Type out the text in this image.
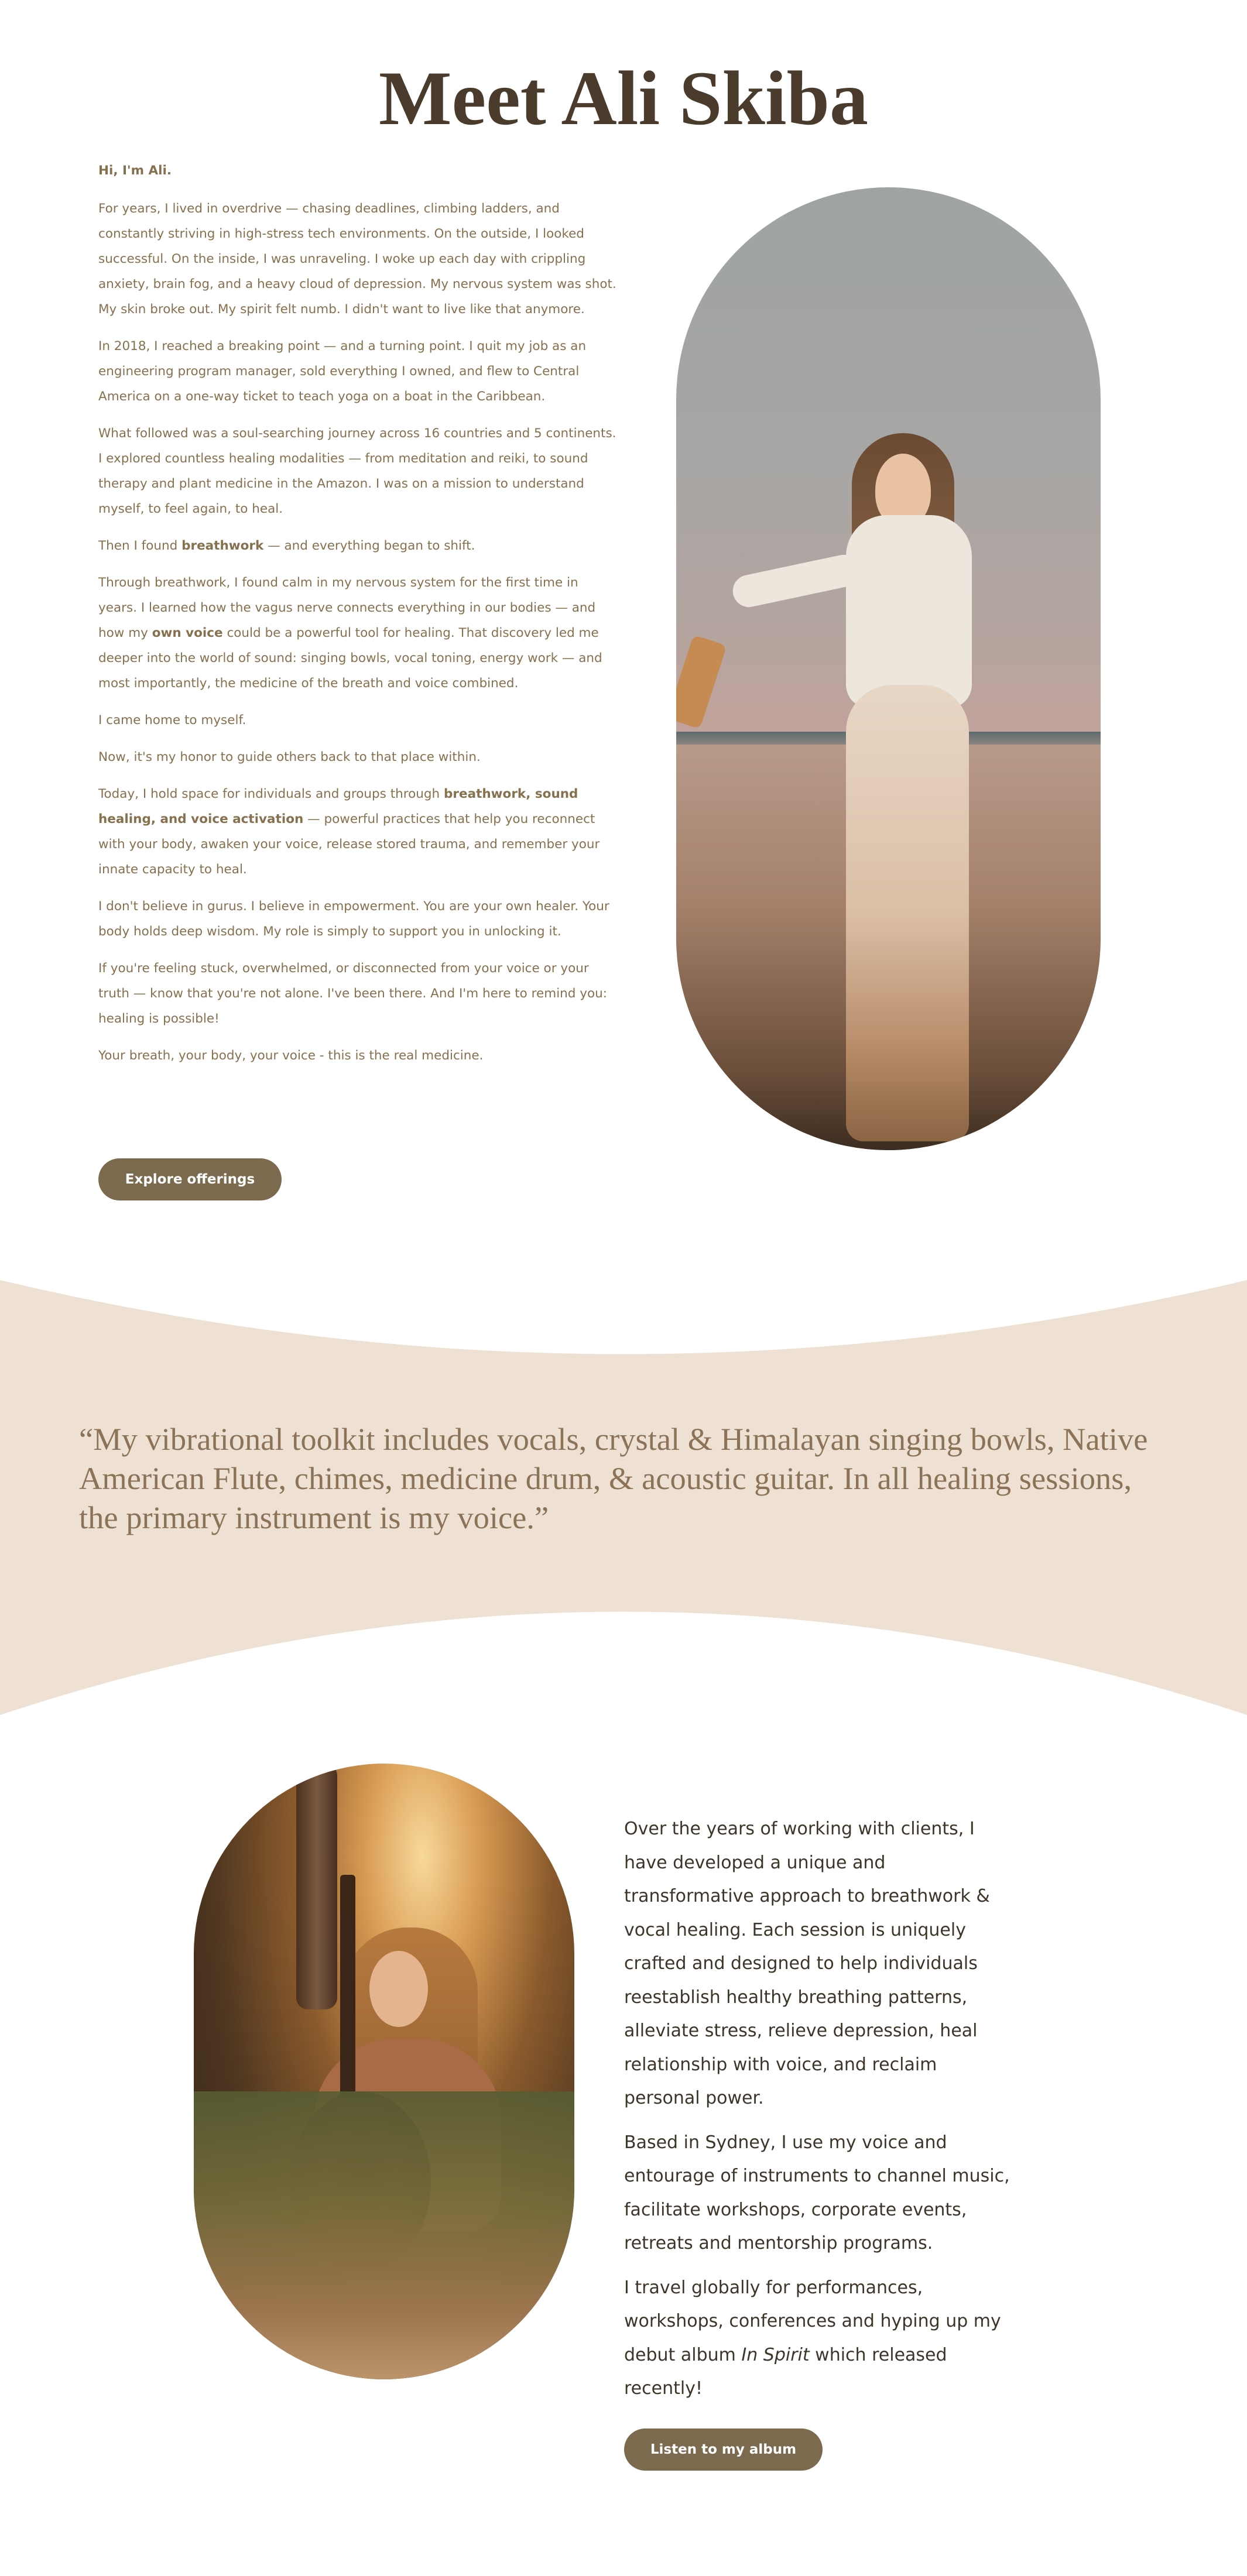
Meet Ali Skiba

Hi, I'm Ali.

For years, I lived in overdrive — chasing deadlines, climbing ladders, and constantly striving in high-stress tech environments. On the outside, I looked successful. On the inside, I was unraveling. I woke up each day with crippling anxiety, brain fog, and a heavy cloud of depression. My nervous system was shot. My skin broke out. My spirit felt numb. I didn't want to live like that anymore.

In 2018, I reached a breaking point — and a turning point. I quit my job as an engineering program manager, sold everything I owned, and flew to Central America on a one-way ticket to teach yoga on a boat in the Caribbean.

What followed was a soul-searching journey across 16 countries and 5 continents. I explored countless healing modalities — from meditation and reiki, to sound therapy and plant medicine in the Amazon. I was on a mission to understand myself, to feel again, to heal.

Then I found breathwork — and everything began to shift.

Through breathwork, I found calm in my nervous system for the first time in years. I learned how the vagus nerve connects everything in our bodies — and how my own voice could be a powerful tool for healing. That discovery led me deeper into the world of sound: singing bowls, vocal toning, energy work — and most importantly, the medicine of the breath and voice combined.

I came home to myself.

Now, it's my honor to guide others back to that place within.

Today, I hold space for individuals and groups through breathwork, sound healing, and voice activation — powerful practices that help you reconnect with your body, awaken your voice, release stored trauma, and remember your innate capacity to heal.

I don't believe in gurus. I believe in empowerment. You are your own healer. Your body holds deep wisdom. My role is simply to support you in unlocking it.

If you're feeling stuck, overwhelmed, or disconnected from your voice or your truth — know that you're not alone. I've been there. And I'm here to remind you: healing is possible!

Your breath, your body, your voice - this is the real medicine.

Explore offerings

“My vibrational toolkit includes vocals, crystal & Himalayan singing bowls, Native American Flute, chimes, medicine drum, & acoustic guitar. In all healing sessions, the primary instrument is my voice.”

Over the years of working with clients, I have developed a unique and transformative approach to breathwork & vocal healing. Each session is uniquely crafted and designed to help individuals reestablish healthy breathing patterns, alleviate stress, relieve depression, heal relationship with voice, and reclaim personal power.

Based in Sydney, I use my voice and entourage of instruments to channel music, facilitate workshops, corporate events, retreats and mentorship programs.

I travel globally for performances, workshops, conferences and hyping up my debut album In Spirit which released recently!

Listen to my album
